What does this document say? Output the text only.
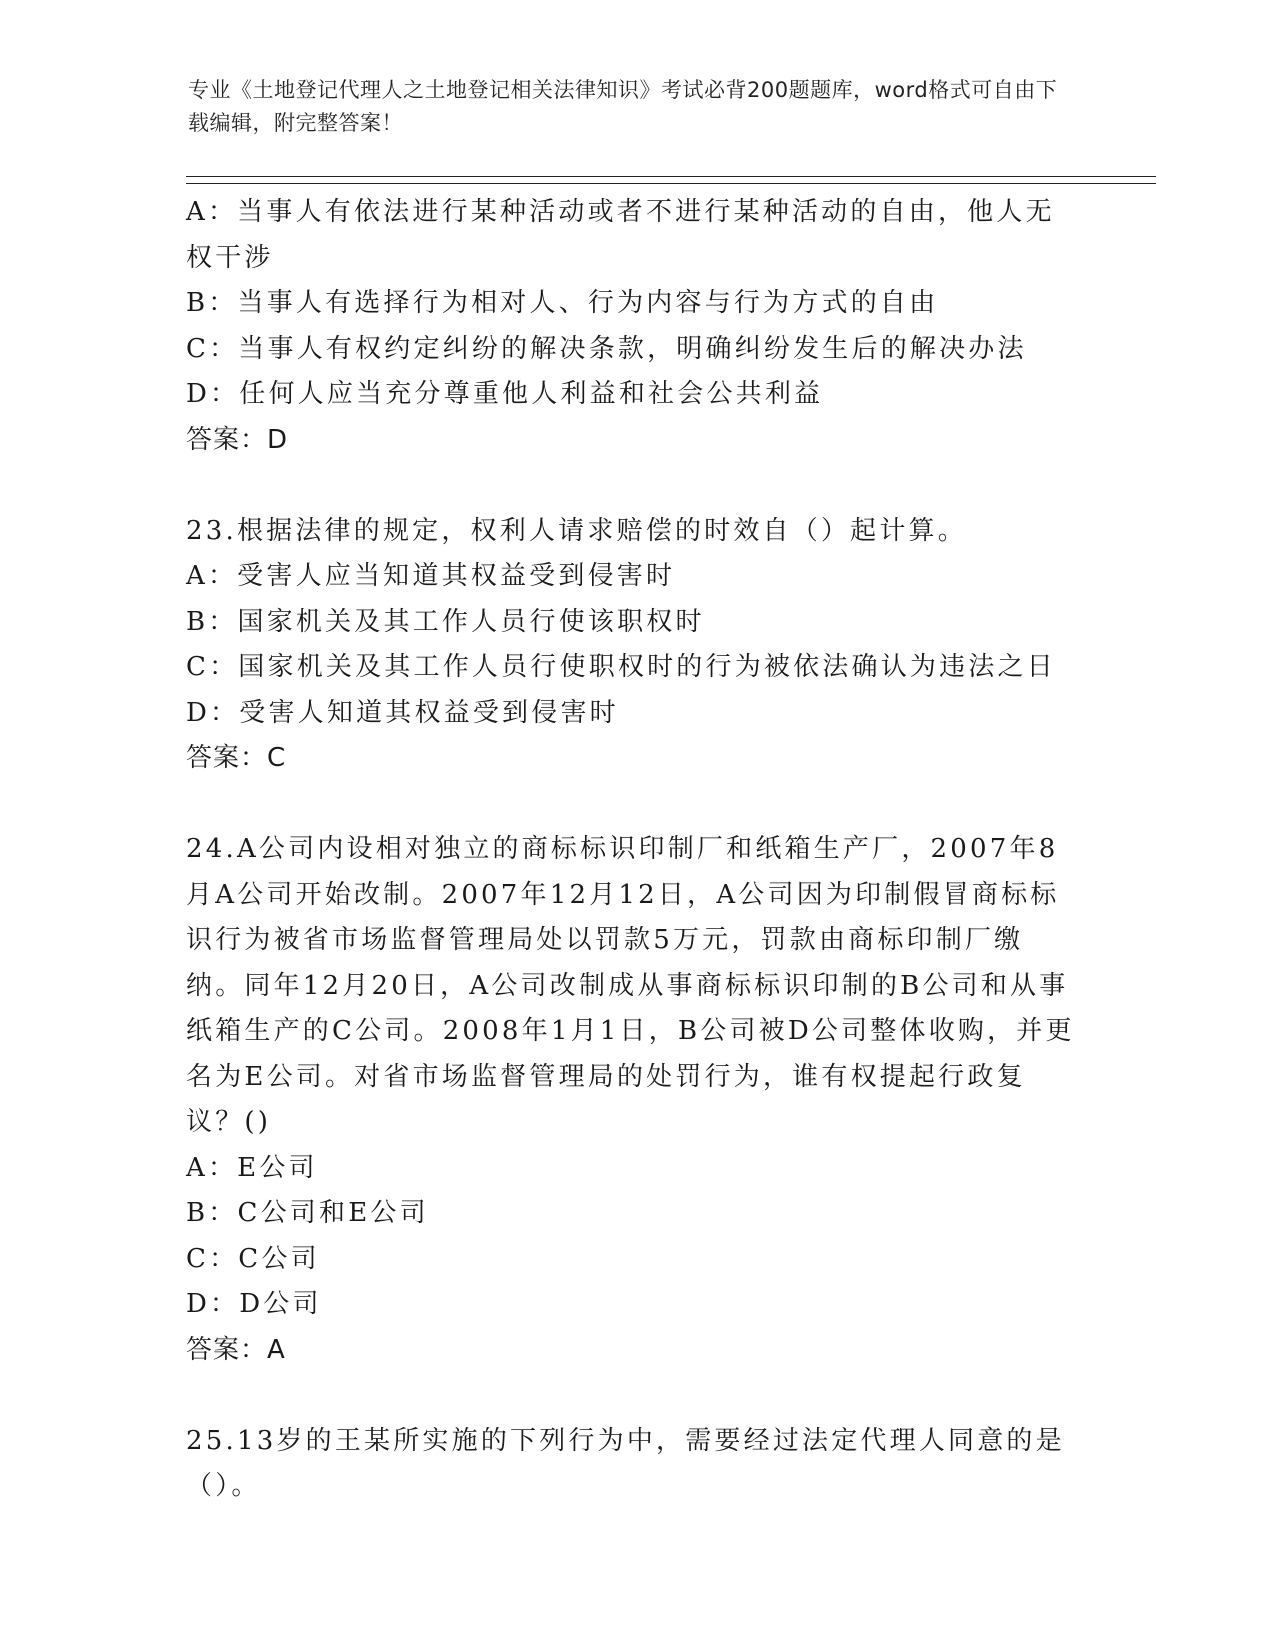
专业《土地登记代理人之土地登记相关法律知识》考试必背200题题库，word格式可自由下载编辑，附完整答案！
A：当事人有依法进行某种活动或者不进行某种活动的自由，他人无权干涉
B：当事人有选择行为相对人、行为内容与行为方式的自由
C：当事人有权约定纠纷的解决条款，明确纠纷发生后的解决办法
D：任何人应当充分尊重他人利益和社会公共利益
答案：D
23.根据法律的规定，权利人请求赔偿的时效自（）起计算。
A：受害人应当知道其权益受到侵害时
B：国家机关及其工作人员行使该职权时
C：国家机关及其工作人员行使职权时的行为被依法确认为违法之日
D：受害人知道其权益受到侵害时
答案：C
24.A公司内设相对独立的商标标识印制厂和纸箱生产厂，2007年8月A公司开始改制。2007年12月12日，A公司因为印制假冒商标标识行为被省市场监督管理局处以罚款5万元，罚款由商标印制厂缴纳。同年12月20日，A公司改制成从事商标标识印制的B公司和从事纸箱生产的C公司。2008年1月1日，B公司被D公司整体收购，并更名为E公司。对省市场监督管理局的处罚行为，谁有权提起行政复议？()
A：E公司
B：C公司和E公司
C：C公司
D：D公司
答案：A
25.13岁的王某所实施的下列行为中，需要经过法定代理人同意的是（）。
